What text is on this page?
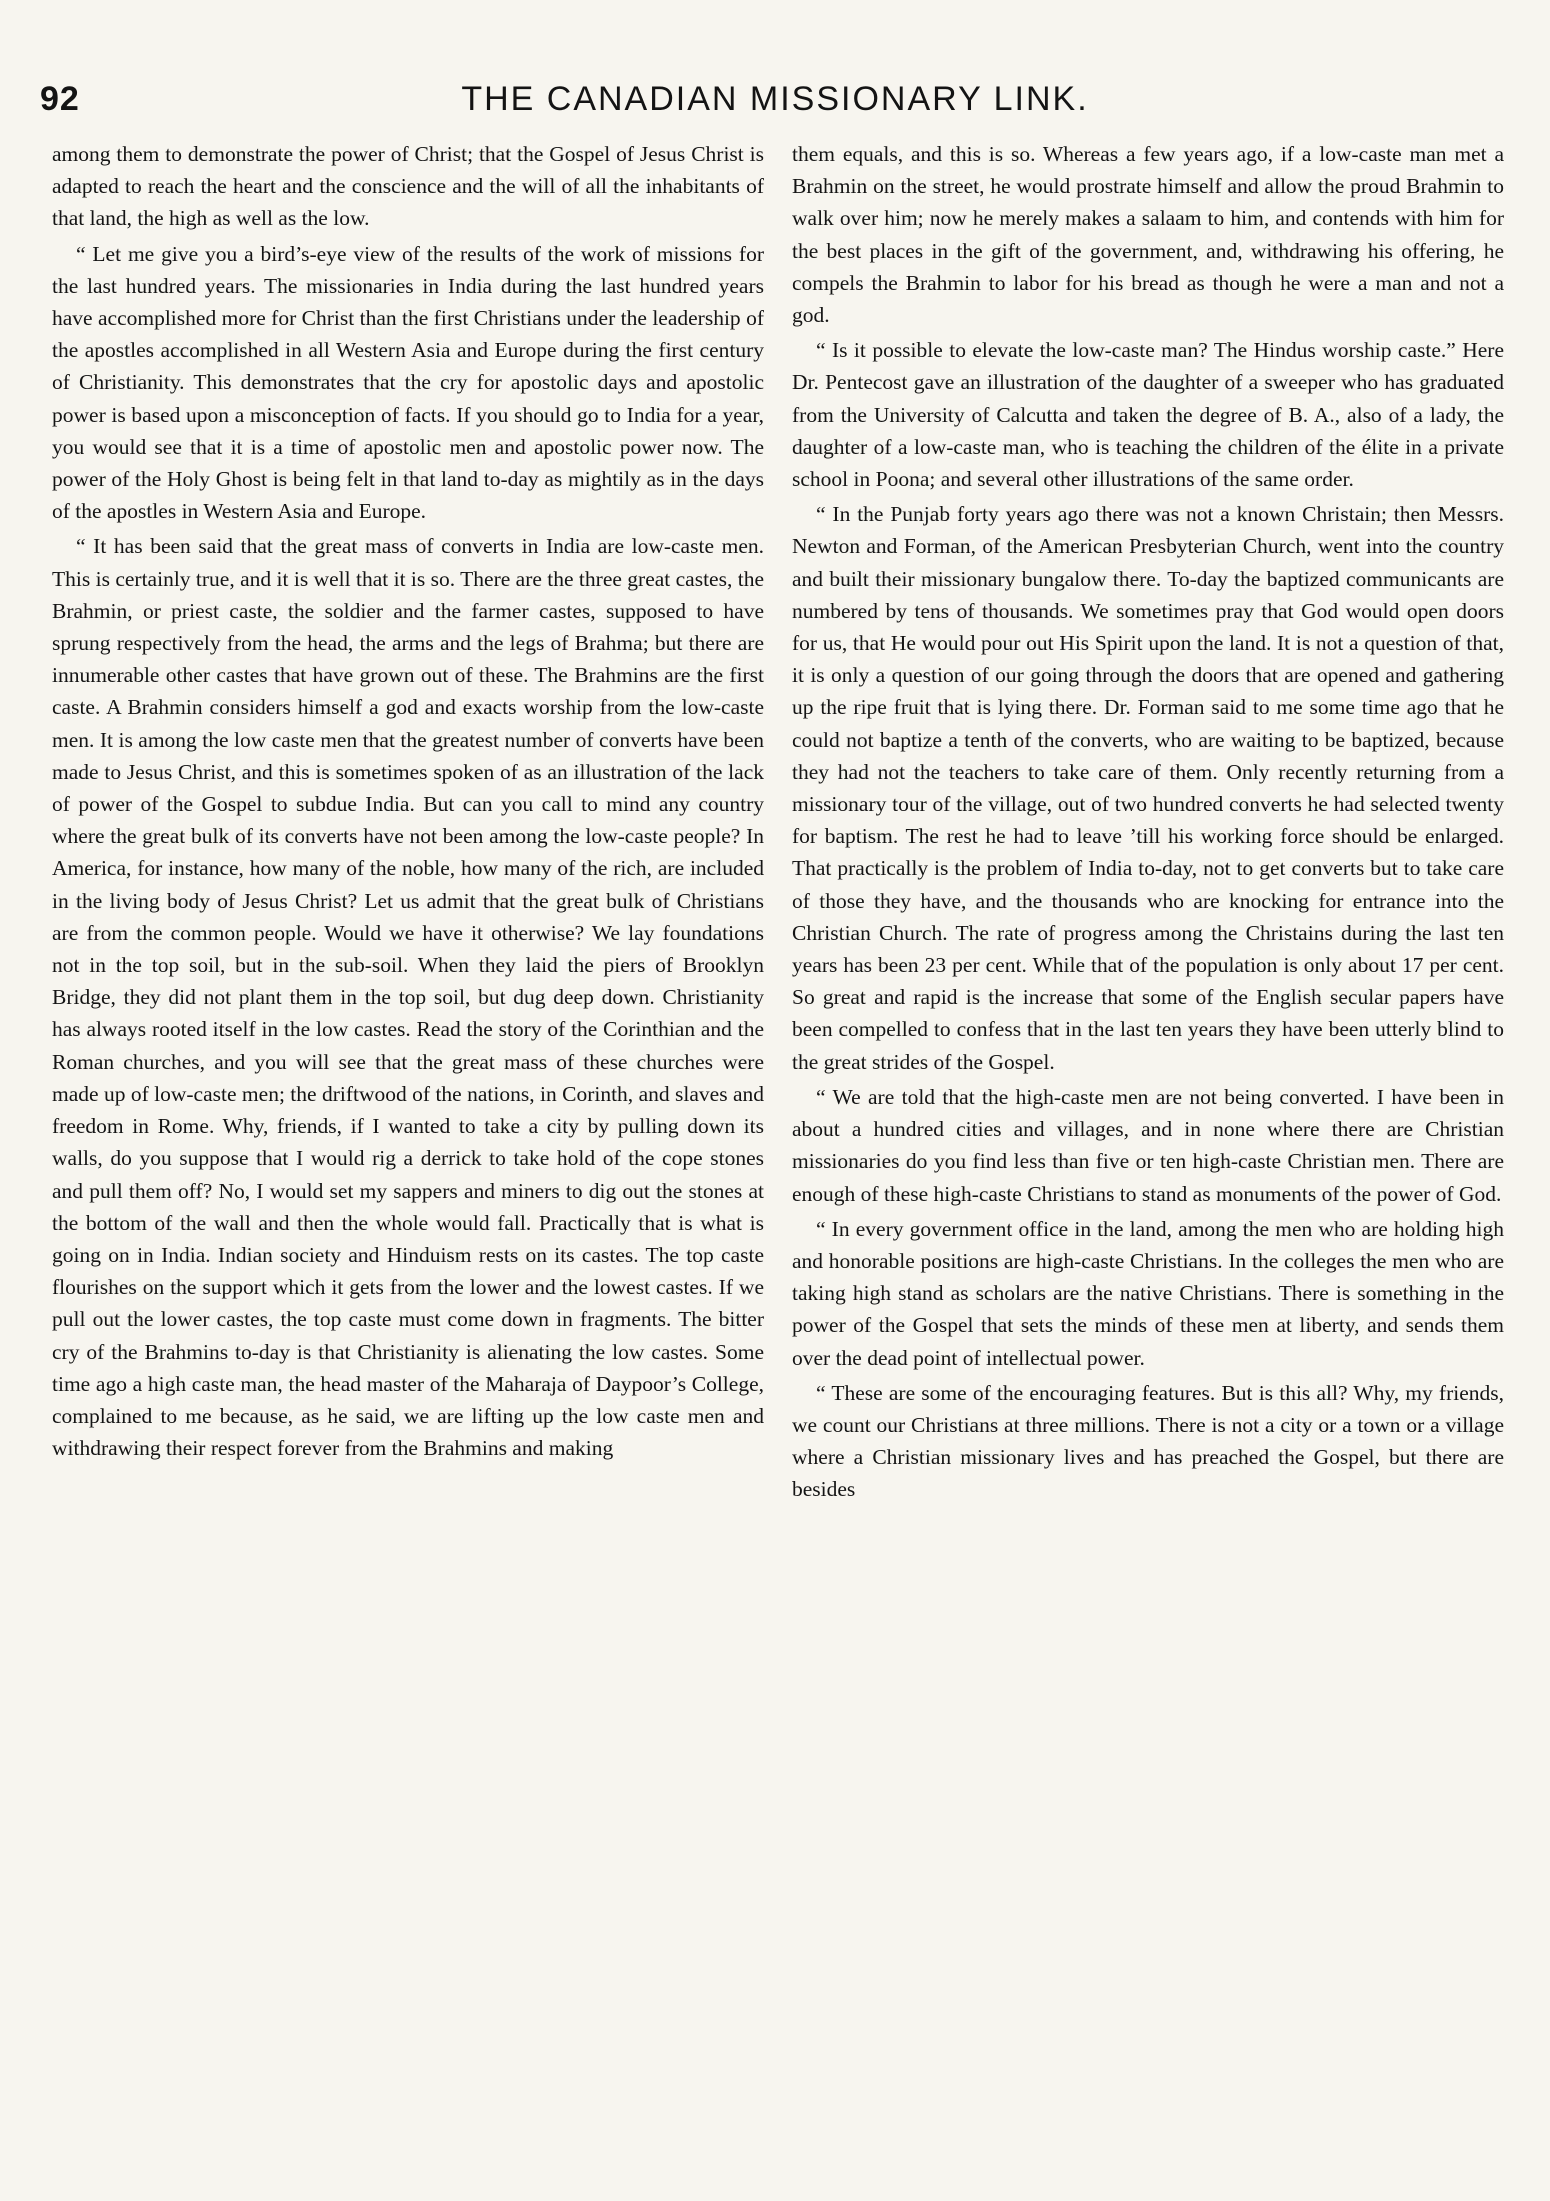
92	THE CANADIAN MISSIONARY LINK.

among them to demonstrate the power of Christ; that the Gospel of Jesus Christ is adapted to reach the heart and the conscience and the will of all the inhabitants of that land, the high as well as the low.

“ Let me give you a bird’s-eye view of the results of the work of missions for the last hundred years. The missionaries in India during the last hundred years have accomplished more for Christ than the first Christians under the leadership of the apostles accomplished in all Western Asia and Europe during the first century of Christianity. This demonstrates that the cry for apostolic days and apostolic power is based upon a misconception of facts. If you should go to India for a year, you would see that it is a time of apostolic men and apostolic power now. The power of the Holy Ghost is being felt in that land to-day as mightily as in the days of the apostles in Western Asia and Europe.

“ It has been said that the great mass of converts in India are low-caste men. This is certainly true, and it is well that it is so. There are the three great castes, the Brahmin, or priest caste, the soldier and the farmer castes, supposed to have sprung respectively from the head, the arms and the legs of Brahma; but there are innumerable other castes that have grown out of these. The Brahmins are the first caste. A Brahmin considers himself a god and exacts worship from the low-caste men. It is among the low caste men that the greatest number of converts have been made to Jesus Christ, and this is sometimes spoken of as an illustration of the lack of power of the Gospel to subdue India. But can you call to mind any country where the great bulk of its converts have not been among the low-caste people? In America, for instance, how many of the noble, how many of the rich, are included in the living body of Jesus Christ? Let us admit that the great bulk of Christians are from the common people. Would we have it otherwise? We lay foundations not in the top soil, but in the sub-soil. When they laid the piers of Brooklyn Bridge, they did not plant them in the top soil, but dug deep down. Christianity has always rooted itself in the low castes. Read the story of the Corinthian and the Roman churches, and you will see that the great mass of these churches were made up of low-caste men; the driftwood of the nations, in Corinth, and slaves and freedom in Rome. Why, friends, if I wanted to take a city by pulling down its walls, do you suppose that I would rig a derrick to take hold of the cope stones and pull them off? No, I would set my sappers and miners to dig out the stones at the bottom of the wall and then the whole would fall. Practically that is what is going on in India. Indian society and Hinduism rests on its castes. The top caste flourishes on the support which it gets from the lower and the lowest castes. If we pull out the lower castes, the top caste must come down in fragments. The bitter cry of the Brahmins to-day is that Christianity is alienating the low castes. Some time ago a high caste man, the head master of the Maharaja of Daypoor’s College, complained to me because, as he said, we are lifting up the low caste men and withdrawing their respect forever from the Brahmins and making

them equals, and this is so. Whereas a few years ago, if a low-caste man met a Brahmin on the street, he would prostrate himself and allow the proud Brahmin to walk over him; now he merely makes a salaam to him, and contends with him for the best places in the gift of the government, and, withdrawing his offering, he compels the Brahmin to labor for his bread as though he were a man and not a god.

“ Is it possible to elevate the low-caste man? The Hindus worship caste.” Here Dr. Pentecost gave an illustration of the daughter of a sweeper who has graduated from the University of Calcutta and taken the degree of B. A., also of a lady, the daughter of a low-caste man, who is teaching the children of the élite in a private school in Poona; and several other illustrations of the same order.

“ In the Punjab forty years ago there was not a known Christain; then Messrs. Newton and Forman, of the American Presbyterian Church, went into the country and built their missionary bungalow there. To-day the baptized communicants are numbered by tens of thousands. We sometimes pray that God would open doors for us, that He would pour out His Spirit upon the land. It is not a question of that, it is only a question of our going through the doors that are opened and gathering up the ripe fruit that is lying there. Dr. Forman said to me some time ago that he could not baptize a tenth of the converts, who are waiting to be baptized, because they had not the teachers to take care of them. Only recently returning from a missionary tour of the village, out of two hundred converts he had selected twenty for baptism. The rest he had to leave ’till his working force should be enlarged. That practically is the problem of India to-day, not to get converts but to take care of those they have, and the thousands who are knocking for entrance into the Christian Church. The rate of progress among the Christains during the last ten years has been 23 per cent. While that of the population is only about 17 per cent. So great and rapid is the increase that some of the English secular papers have been compelled to confess that in the last ten years they have been utterly blind to the great strides of the Gospel.

“ We are told that the high-caste men are not being converted. I have been in about a hundred cities and villages, and in none where there are Christian missionaries do you find less than five or ten high-caste Christian men. There are enough of these high-caste Christians to stand as monuments of the power of God.

“ In every government office in the land, among the men who are holding high and honorable positions are high-caste Christians. In the colleges the men who are taking high stand as scholars are the native Christians. There is something in the power of the Gospel that sets the minds of these men at liberty, and sends them over the dead point of intellectual power.

“ These are some of the encouraging features. But is this all? Why, my friends, we count our Christians at three millions. There is not a city or a town or a village where a Christian missionary lives and has preached the Gospel, but there are besides
